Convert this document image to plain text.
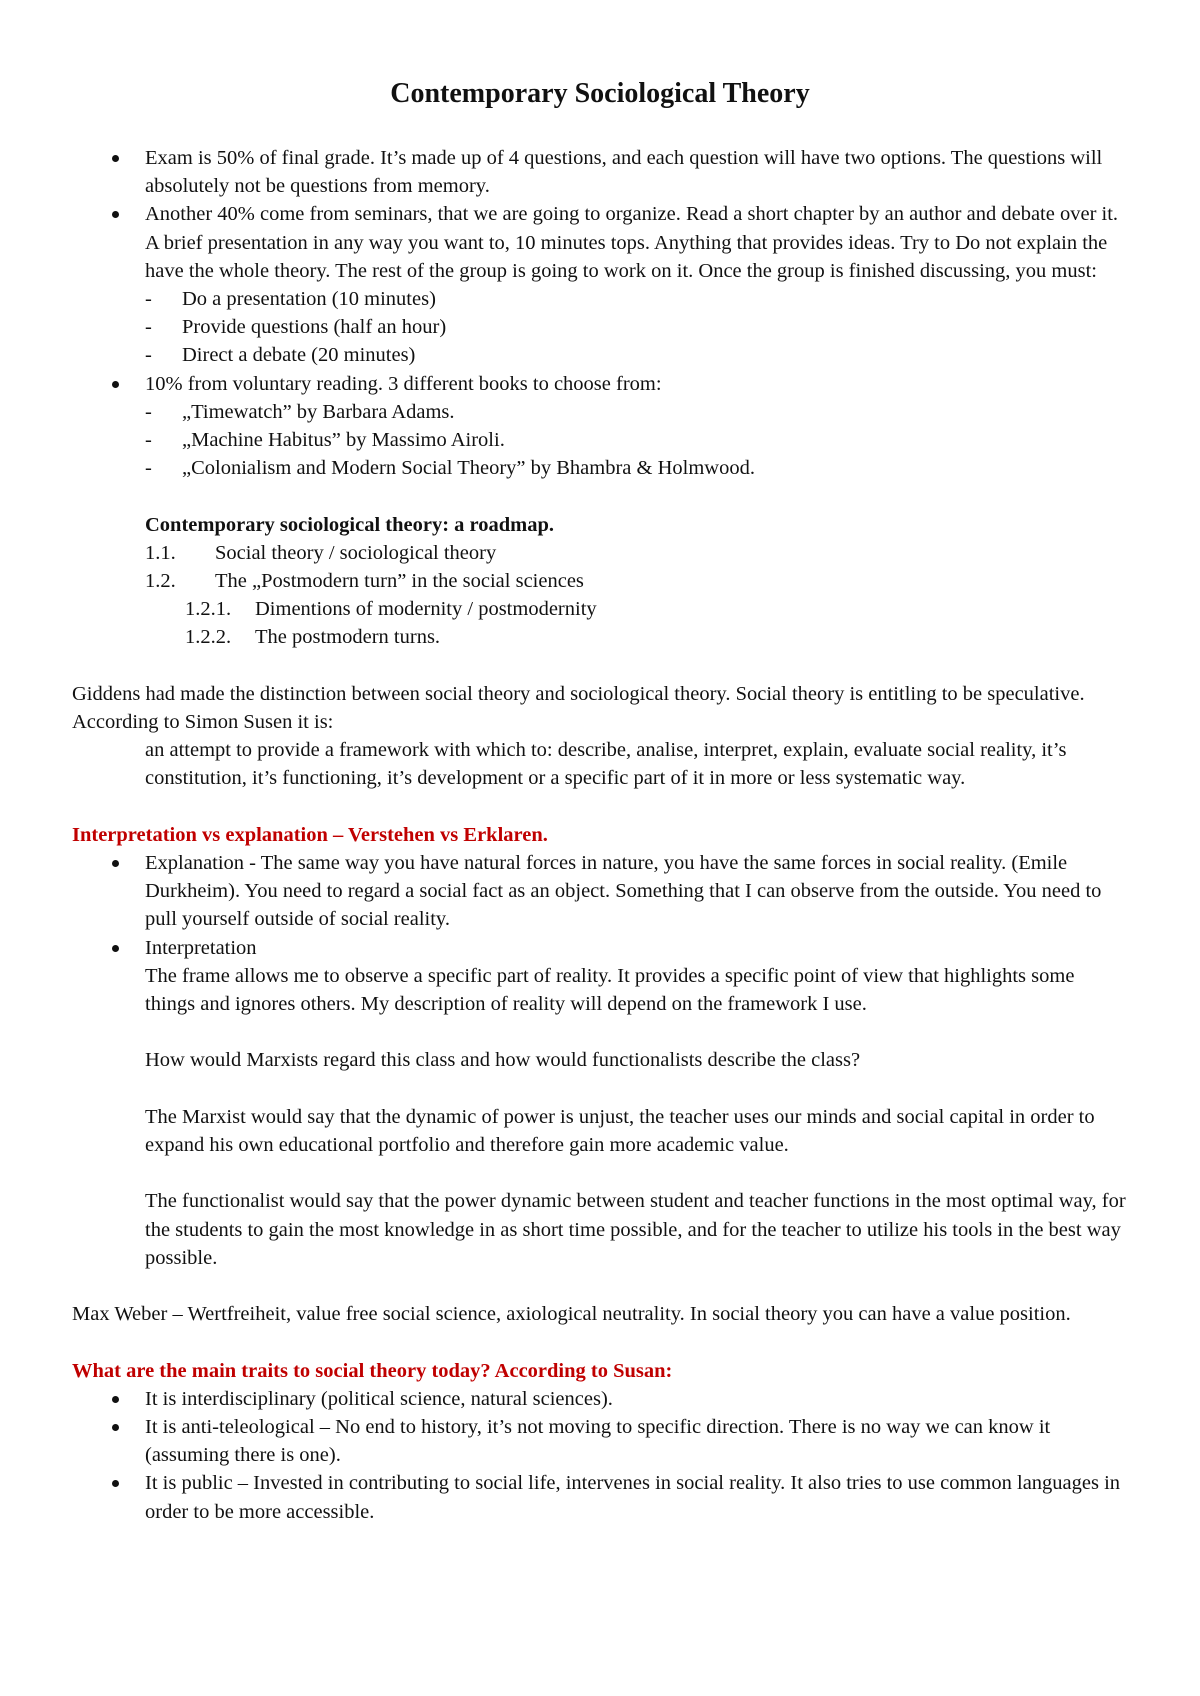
Contemporary Sociological Theory

Exam is 50% of final grade. It’s made up of 4 questions, and each question will have two options. The questions will absolutely not be questions from memory.

Another 40% come from seminars, that we are going to organize. Read a short chapter by an author and debate over it. A brief presentation in any way you want to, 10 minutes tops. Anything that provides ideas. Try to Do not explain the have the whole theory. The rest of the group is going to work on it. Once the group is finished discussing, you must:

- Do a presentation (10 minutes)

- Provide questions (half an hour)

- Direct a debate (20 minutes)

10% from voluntary reading. 3 different books to choose from:

- „Timewatch” by Barbara Adams.

- „Machine Habitus” by Massimo Airoli.

- „Colonialism and Modern Social Theory” by Bhambra & Holmwood.

Contemporary sociological theory: a roadmap.

1.1. Social theory / sociological theory

1.2. The „Postmodern turn” in the social sciences

1.2.1. Dimentions of modernity / postmodernity

1.2.2. The postmodern turns.

Giddens had made the distinction between social theory and sociological theory. Social theory is entitling to be speculative. According to Simon Susen it is:

an attempt to provide a framework with which to: describe, analise, interpret, explain, evaluate social reality, it’s constitution, it’s functioning, it’s development or a specific part of it in more or less systematic way.

Interpretation vs explanation – Verstehen vs Erklaren.

Explanation - The same way you have natural forces in nature, you have the same forces in social reality. (Emile Durkheim). You need to regard a social fact as an object. Something that I can observe from the outside. You need to pull yourself outside of social reality.

Interpretation

The frame allows me to observe a specific part of reality. It provides a specific point of view that highlights some things and ignores others. My description of reality will depend on the framework I use.

How would Marxists regard this class and how would functionalists describe the class?

The Marxist would say that the dynamic of power is unjust, the teacher uses our minds and social capital in order to expand his own educational portfolio and therefore gain more academic value.

The functionalist would say that the power dynamic between student and teacher functions in the most optimal way, for the students to gain the most knowledge in as short time possible, and for the teacher to utilize his tools in the best way possible.

Max Weber – Wertfreiheit, value free social science, axiological neutrality. In social theory you can have a value position.

What are the main traits to social theory today? According to Susan:

It is interdisciplinary (political science, natural sciences).

It is anti-teleological – No end to history, it’s not moving to specific direction. There is no way we can know it (assuming there is one).

It is public – Invested in contributing to social life, intervenes in social reality. It also tries to use common languages in order to be more accessible.
